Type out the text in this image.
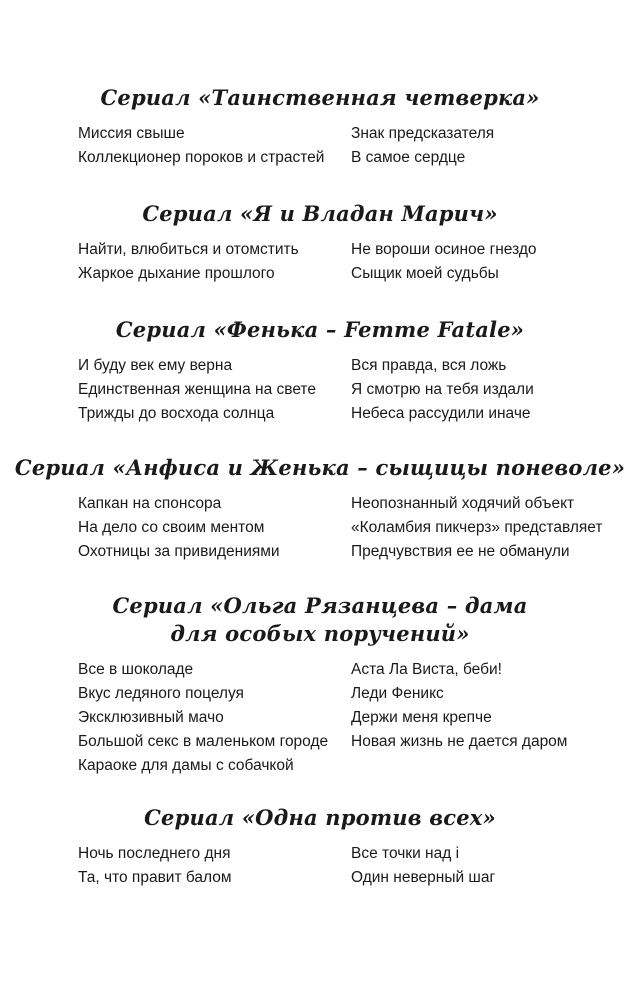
Сериал «Таинственная четверка»
Миссия свыше
Коллекционер пороков и страстей
Знак предсказателя
В самое сердце
Сериал «Я и Владан Марич»
Найти, влюбиться и отомстить
Жаркое дыхание прошлого
Не вороши осиное гнездо
Сыщик моей судьбы
Сериал «Фенька – Femme Fatale»
И буду век ему верна
Единственная женщина на свете
Трижды до восхода солнца
Вся правда, вся ложь
Я смотрю на тебя издали
Небеса рассудили иначе
Сериал «Анфиса и Женька – сыщицы поневоле»
Капкан на спонсора
На дело со своим ментом
Охотницы за привидениями
Неопознанный ходячий объект
«Коламбия пикчерз» представляет
Предчувствия ее не обманули
Сериал «Ольга Рязанцева – дама
для особых поручений»
Все в шоколаде
Вкус ледяного поцелуя
Эксклюзивный мачо
Большой секс в маленьком городе
Караоке для дамы с собачкой
Аста Ла Виста, беби!
Леди Феникс
Держи меня крепче
Новая жизнь не дается даром
Сериал «Одна против всех»
Ночь последнего дня
Та, что правит балом
Все точки над i
Один неверный шаг
